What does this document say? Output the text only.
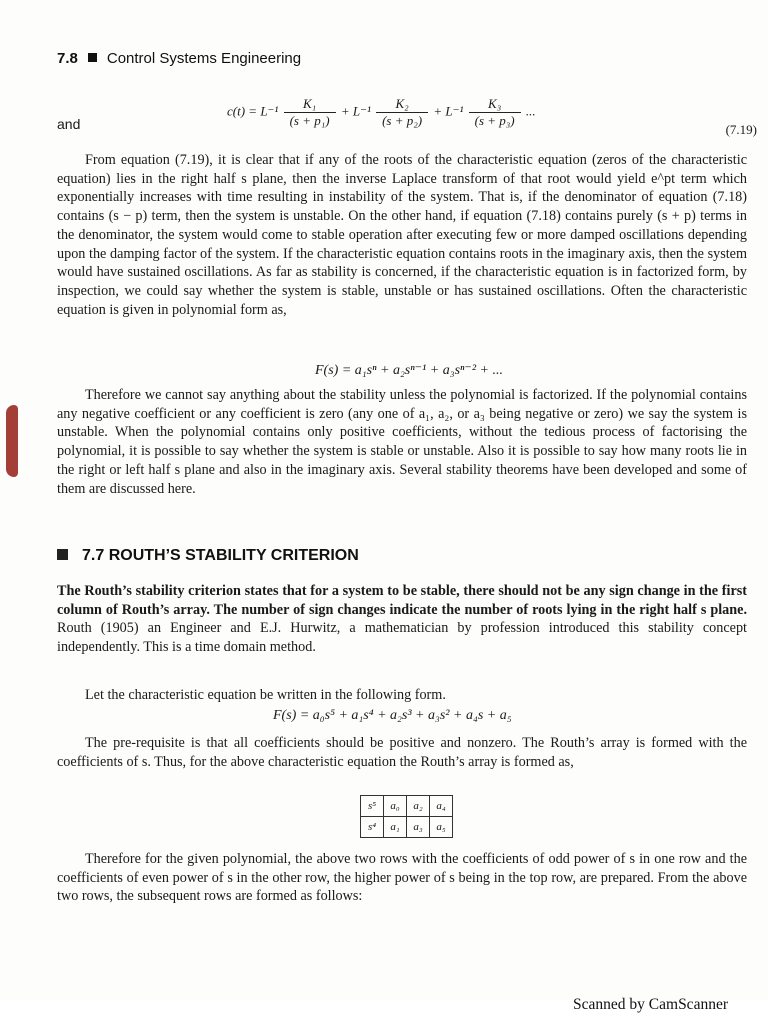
7.8 Control Systems Engineering
and
$c(t) = L^{-1} \frac{\text{K₁}}{\text{(s + p₁)}} + L^{-1} \frac{\text{K₂}}{\text{(s + p₂)}} + L^{-1} \frac{\text{K₃}}{\text{(s + p₃)}}$ ...
(7.19)

From equation (7.19), it is clear that if any of the roots of the characteristic equation (zeros of the characteristic equation) lies in the right half s plane, then the inverse Laplace transform of that root would yield e^pt term which exponentially increases with time resulting in instability of the system. That is, if the denominator of equation (7.18) contains (s − p) term, then the system is unstable. On the other hand, if equation (7.18) contains purely (s + p) terms in the denominator, the system would come to stable operation after executing few or more damped oscillations depending upon the damping factor of the system. If the characteristic equation contains roots in the imaginary axis, then the system would have sustained oscillations. As far as stability is concerned, if the characteristic equation is in factorized form, by inspection, we could say whether the system is stable, unstable or has sustained oscillations. Often the characteristic equation is given in polynomial form as,

F(s) = a₁sⁿ + a₂sⁿ⁻¹ + a₃sⁿ⁻² + ...

Therefore we cannot say anything about the stability unless the polynomial is factorized. If the polynomial contains any negative coefficient or any coefficient is zero (any one of a₁, a₂, or a₃ being negative or zero) we say the system is unstable. When the polynomial contains only positive coefficients, without the tedious process of factorising the polynomial, it is possible to say whether the system is stable or unstable. Also it is possible to say how many roots lie in the right or left half s plane and also in the imaginary axis. Several stability theorems have been developed and some of them are discussed here.

7.7 ROUTH’S STABILITY CRITERION

The Routh’s stability criterion states that for a system to be stable, there should not be any sign change in the first column of Routh’s array. The number of sign changes indicate the number of roots lying in the right half s plane. Routh (1905) an Engineer and E.J. Hurwitz, a mathematician by profession introduced this stability concept independently. This is a time domain method.

Let the characteristic equation be written in the following form.

F(s) = a₀s⁵ + a₁s⁴ + a₂s³ + a₃s² + a₄s + a₅

The pre-requisite is that all coefficients should be positive and nonzero. The Routh’s array is formed with the coefficients of s. Thus, for the above characteristic equation the Routh’s array is formed as,

s⁵	a₀	a₂	a₄
s⁴	a₁	a₃	a₅

Therefore for the given polynomial, the above two rows with the coefficients of odd power of s in one row and the coefficients of even power of s in the other row, the higher power of s being in the top row, are prepared. From the above two rows, the subsequent rows are formed as follows:

Scanned by CamScanner
